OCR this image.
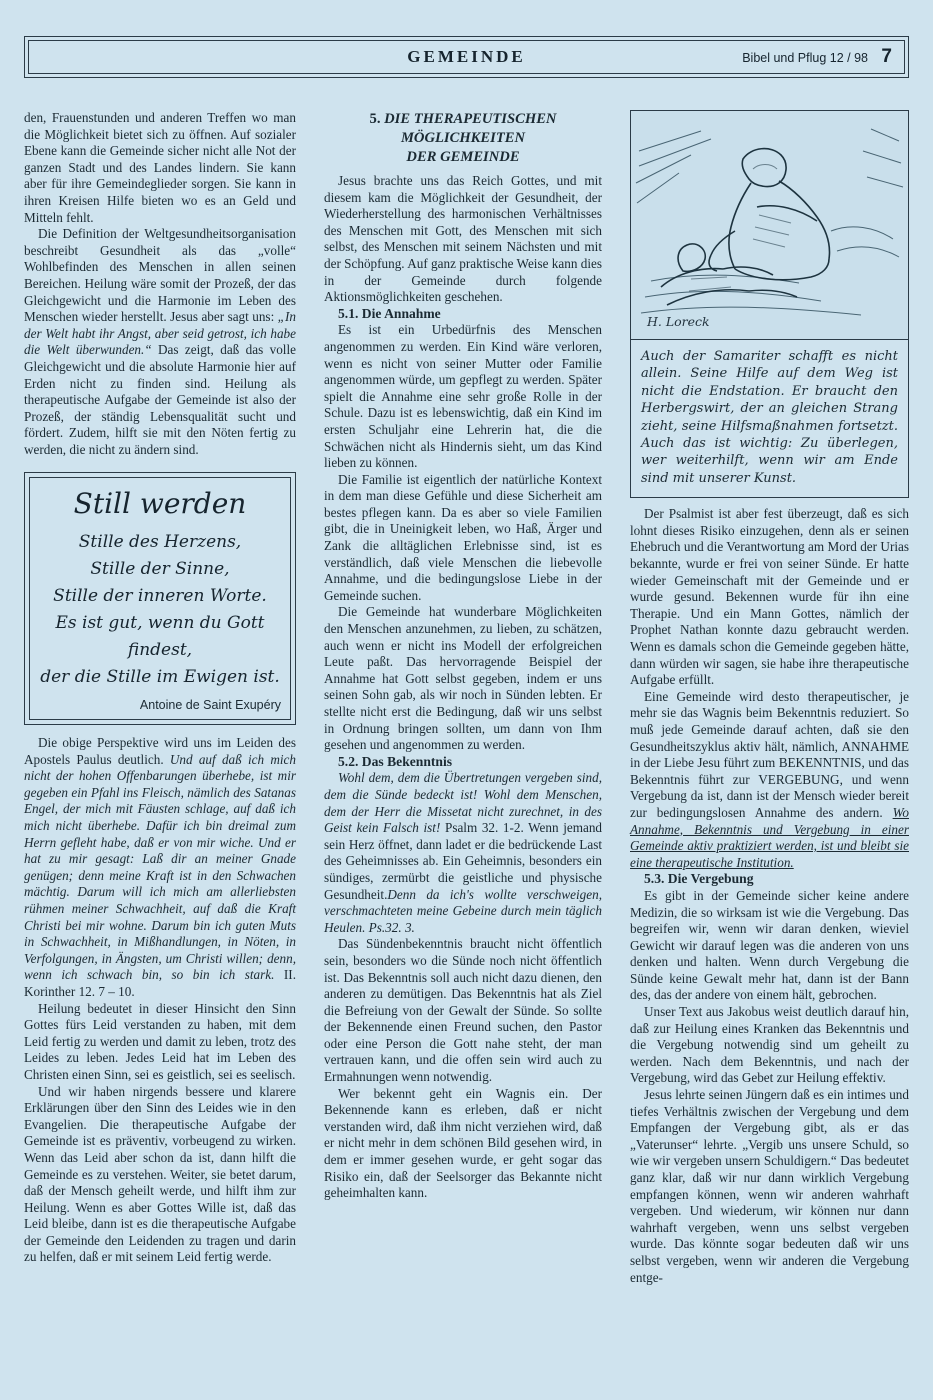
GEMEINDE	Bibel und Pflug 12 / 98 7

den, Frauenstunden und anderen Treffen wo man die Möglichkeit bietet sich zu öffnen. Auf sozialer Ebene kann die Gemeinde sicher nicht alle Not der ganzen Stadt und des Landes lindern. Sie kann aber für ihre Gemeindeglieder sorgen. Sie kann in ihren Kreisen Hilfe bieten wo es an Geld und Mitteln fehlt.

Die Definition der Weltgesundheitsorganisation beschreibt Gesundheit als das „volle“ Wohlbefinden des Menschen in allen seinen Bereichen. Heilung wäre somit der Prozeß, der das Gleichgewicht und die Harmonie im Leben des Menschen wieder herstellt. Jesus aber sagt uns: „In der Welt habt ihr Angst, aber seid getrost, ich habe die Welt überwunden.“ Das zeigt, daß das volle Gleichgewicht und die absolute Harmonie hier auf Erden nicht zu finden sind. Heilung als therapeutische Aufgabe der Gemeinde ist also der Prozeß, der ständig Lebensqualität sucht und fördert. Zudem, hilft sie mit den Nöten fertig zu werden, die nicht zu ändern sind.

Still werden
Stille des Herzens,
Stille der Sinne,
Stille der inneren Worte.
Es ist gut, wenn du Gott findest,
der die Stille im Ewigen ist.
Antoine de Saint Exupéry

Die obige Perspektive wird uns im Leiden des Apostels Paulus deutlich. Und auf daß ich mich nicht der hohen Offenbarungen überhebe, ist mir gegeben ein Pfahl ins Fleisch, nämlich des Satanas Engel, der mich mit Fäusten schlage, auf daß ich mich nicht überhebe. Dafür ich bin dreimal zum Herrn gefleht habe, daß er von mir wiche. Und er hat zu mir gesagt: Laß dir an meiner Gnade genügen; denn meine Kraft ist in den Schwachen mächtig. Darum will ich mich am allerliebsten rühmen meiner Schwachheit, auf daß die Kraft Christi bei mir wohne. Darum bin ich guten Muts in Schwachheit, in Mißhandlungen, in Nöten, in Verfolgungen, in Ängsten, um Christi willen; denn, wenn ich schwach bin, so bin ich stark. II. Korinther 12. 7 – 10.

Heilung bedeutet in dieser Hinsicht den Sinn Gottes fürs Leid verstanden zu haben, mit dem Leid fertig zu werden und damit zu leben, trotz des Leides zu leben. Jedes Leid hat im Leben des Christen einen Sinn, sei es geistlich, sei es seelisch.

Und wir haben nirgends bessere und klarere Erklärungen über den Sinn des Leides wie in den Evangelien. Die therapeutische Aufgabe der Gemeinde ist es präventiv, vorbeugend zu wirken. Wenn das Leid aber schon da ist, dann hilft die Gemeinde es zu verstehen. Weiter, sie betet darum, daß der Mensch geheilt werde, und hilft ihm zur Heilung. Wenn es aber Gottes Wille ist, daß das Leid bleibe, dann ist es die therapeutische Aufgabe der Gemeinde den Leidenden zu tragen und darin zu helfen, daß er mit seinem Leid fertig werde.

5. DIE THERAPEUTISCHEN
MÖGLICHKEITEN
DER GEMEINDE

Jesus brachte uns das Reich Gottes, und mit diesem kam die Möglichkeit der Gesundheit, der Wiederherstellung des harmonischen Verhältnisses des Menschen mit Gott, des Menschen mit sich selbst, des Menschen mit seinem Nächsten und mit der Schöpfung. Auf ganz praktische Weise kann dies in der Gemeinde durch folgende Aktionsmöglichkeiten geschehen.

5.1. Die Annahme

Es ist ein Urbedürfnis des Menschen angenommen zu werden. Ein Kind wäre verloren, wenn es nicht von seiner Mutter oder Familie angenommen würde, um gepflegt zu werden. Später spielt die Annahme eine sehr große Rolle in der Schule. Dazu ist es lebenswichtig, daß ein Kind im ersten Schuljahr eine Lehrerin hat, die die Schwächen nicht als Hindernis sieht, um das Kind lieben zu können.

Die Familie ist eigentlich der natürliche Kontext in dem man diese Gefühle und diese Sicherheit am bestes pflegen kann. Da es aber so viele Familien gibt, die in Uneinigkeit leben, wo Haß, Ärger und Zank die alltäglichen Erlebnisse sind, ist es verständlich, daß viele Menschen die liebevolle Annahme, und die bedingungslose Liebe in der Gemeinde suchen.

Die Gemeinde hat wunderbare Möglichkeiten den Menschen anzunehmen, zu lieben, zu schätzen, auch wenn er nicht ins Modell der erfolgreichen Leute paßt. Das hervorragende Beispiel der Annahme hat Gott selbst gegeben, indem er uns seinen Sohn gab, als wir noch in Sünden lebten. Er stellte nicht erst die Bedingung, daß wir uns selbst in Ordnung bringen sollten, um dann von Ihm gesehen und angenommen zu werden.

5.2. Das Bekenntnis

Wohl dem, dem die Übertretungen vergeben sind, dem die Sünde bedeckt ist! Wohl dem Menschen, dem der Herr die Missetat nicht zurechnet, in des Geist kein Falsch ist! Psalm 32. 1-2. Wenn jemand sein Herz öffnet, dann ladet er die bedrückende Last des Geheimnisses ab. Ein Geheimnis, besonders ein sündiges, zermürbt die geistliche und physische Gesundheit.Denn da ich's wollte verschweigen, verschmachteten meine Gebeine durch mein täglich Heulen. Ps.32. 3.

Das Sündenbekenntnis braucht nicht öffentlich sein, besonders wo die Sünde noch nicht öffentlich ist. Das Bekenntnis soll auch nicht dazu dienen, den anderen zu demütigen. Das Bekenntnis hat als Ziel die Befreiung von der Gewalt der Sünde. So sollte der Bekennende einen Freund suchen, den Pastor oder eine Person die Gott nahe steht, der man vertrauen kann, und die offen sein wird auch zu Ermahnungen wenn notwendig.

Wer bekennt geht ein Wagnis ein. Der Bekennende kann es erleben, daß er nicht verstanden wird, daß ihm nicht verziehen wird, daß er nicht mehr in dem schönen Bild gesehen wird, in dem er immer gesehen wurde, er geht sogar das Risiko ein, daß der Seelsorger das Bekannte nicht geheimhalten kann.

H. Loreck

Auch der Samariter schafft es nicht allein. Seine Hilfe auf dem Weg ist nicht die Endstation. Er braucht den Herbergswirt, der an gleichen Strang zieht, seine Hilfsmaßnahmen fortsetzt. Auch das ist wichtig: Zu überlegen, wer weiterhilft, wenn wir am Ende sind mit unserer Kunst.

Der Psalmist ist aber fest überzeugt, daß es sich lohnt dieses Risiko einzugehen, denn als er seinen Ehebruch und die Verantwortung am Mord der Urias bekannte, wurde er frei von seiner Sünde. Er hatte wieder Gemeinschaft mit der Gemeinde und er wurde gesund. Bekennen wurde für ihn eine Therapie. Und ein Mann Gottes, nämlich der Prophet Nathan konnte dazu gebraucht werden. Wenn es damals schon die Gemeinde gegeben hätte, dann würden wir sagen, sie habe ihre therapeutische Aufgabe erfüllt.

Eine Gemeinde wird desto therapeutischer, je mehr sie das Wagnis beim Bekenntnis reduziert. So muß jede Gemeinde darauf achten, daß sie den Gesundheitszyklus aktiv hält, nämlich, ANNAHME in der Liebe Jesu führt zum BEKENNTNIS, und das Bekenntnis führt zur VERGEBUNG, und wenn Vergebung da ist, dann ist der Mensch wieder bereit zur bedingungslosen Annahme des andern. Wo Annahme, Bekenntnis und Vergebung in einer Gemeinde aktiv praktiziert werden, ist und bleibt sie eine therapeutische Institution.

5.3. Die Vergebung

Es gibt in der Gemeinde sicher keine andere Medizin, die so wirksam ist wie die Vergebung. Das begreifen wir, wenn wir daran denken, wieviel Gewicht wir darauf legen was die anderen von uns denken und halten. Wenn durch Vergebung die Sünde keine Gewalt mehr hat, dann ist der Bann des, das der andere von einem hält, gebrochen.

Unser Text aus Jakobus weist deutlich darauf hin, daß zur Heilung eines Kranken das Bekenntnis und die Vergebung notwendig sind um geheilt zu werden. Nach dem Bekenntnis, und nach der Vergebung, wird das Gebet zur Heilung effektiv.

Jesus lehrte seinen Jüngern daß es ein intimes und tiefes Verhältnis zwischen der Vergebung und dem Empfangen der Vergebung gibt, als er das „Vaterunser“ lehrte. „Vergib uns unsere Schuld, so wie wir vergeben unsern Schuldigern.“ Das bedeutet ganz klar, daß wir nur dann wirklich Vergebung empfangen können, wenn wir anderen wahrhaft vergeben. Und wiederum, wir können nur dann wahrhaft vergeben, wenn uns selbst vergeben wurde. Das könnte sogar bedeuten daß wir uns selbst vergeben, wenn wir anderen die Vergebung entge-
